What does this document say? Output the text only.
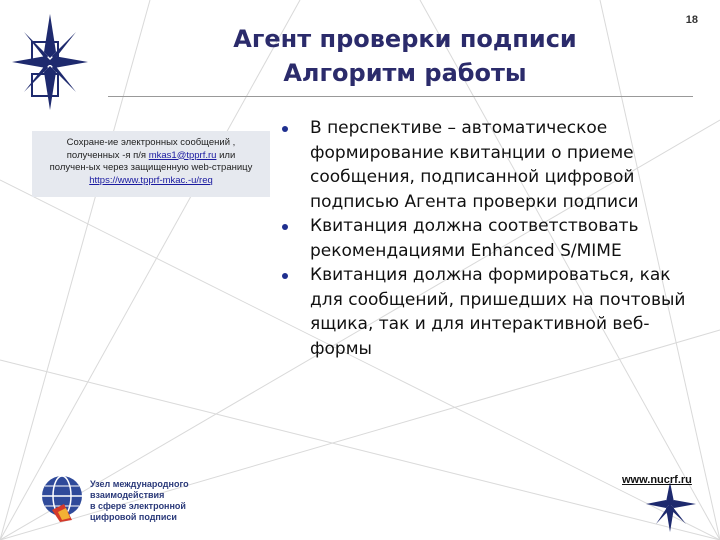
Агент проверки подписи
Алгоритм работы
18
Сохране-ие электронных сообщений ,
полученных -я п/я mkas1@tpprf.ru или
получен-ых через защищенную web-страницу
https://www.tpprf-mkac.-u/req
В перспективе – автоматическое формирование квитанции о приеме сообщения, подписанной цифровой подписью Агента проверки подписи
Квитанция должна соответствовать рекомендациями Enhanced S/MIME
Квитанция должна формироваться, как для сообщений, пришедших на почтовый ящика, так и для интерактивной веб-формы
Узел международного
взаимодействия
в сфере электронной
цифровой подписи
www.nucrf.ru
